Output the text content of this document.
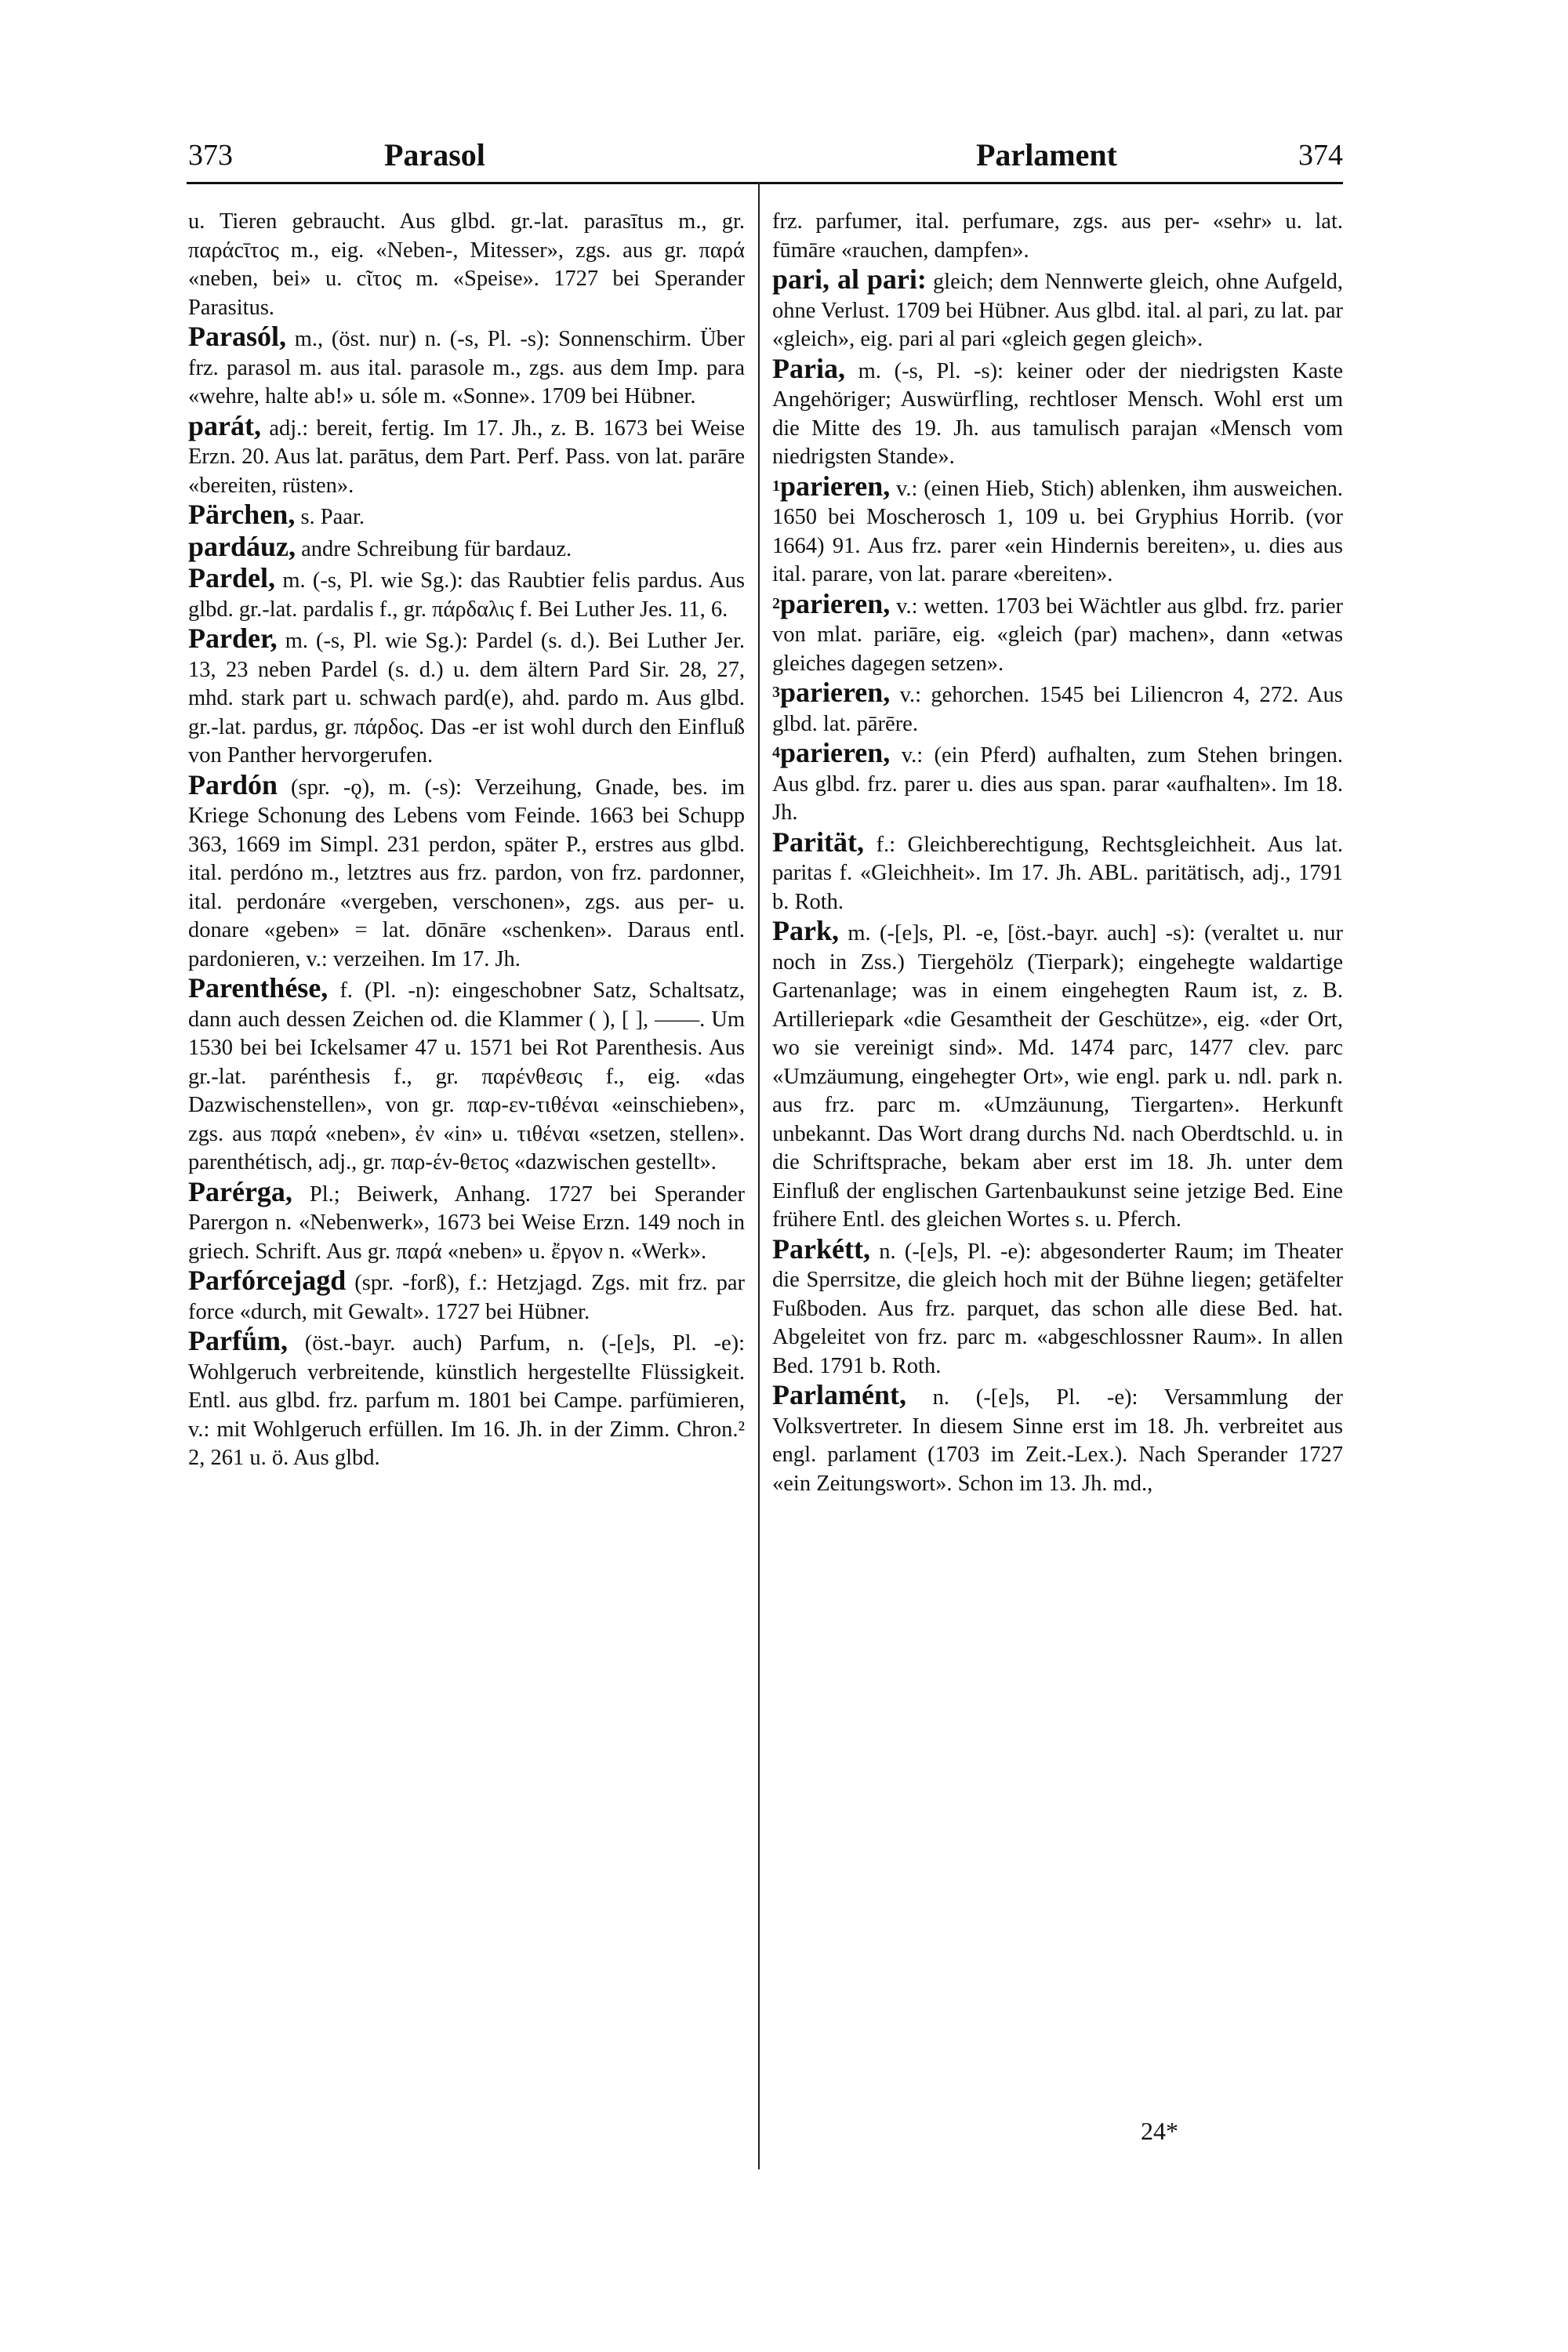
373	Parasol	Parlament	374

u. Tieren gebraucht. Aus glbd. gr.-lat. parasītus m., gr. παράcῑτος m., eig. «Neben-, Mitesser», zgs. aus gr. παρά «neben, bei» u. cῖτος m. «Speise». 1727 bei Sperander Parasitus.

Parasól, m., (öst. nur) n. (-s, Pl. -s): Sonnenschirm. Über frz. parasol m. aus ital. parasole m., zgs. aus dem Imp. para «wehre, halte ab!» u. sóle m. «Sonne». 1709 bei Hübner.

parát, adj.: bereit, fertig. Im 17. Jh., z. B. 1673 bei Weise Erzn. 20. Aus lat. parātus, dem Part. Perf. Pass. von lat. parāre «bereiten, rüsten».

Pärchen, s. Paar.

pardáuz, andre Schreibung für bardauz.

Pardel, m. (-s, Pl. wie Sg.): das Raubtier felis pardus. Aus glbd. gr.-lat. pardalis f., gr. πάρδαλις f. Bei Luther Jes. 11, 6.

Parder, m. (-s, Pl. wie Sg.): Pardel (s. d.). Bei Luther Jer. 13, 23 neben Pardel (s. d.) u. dem ältern Pard Sir. 28, 27, mhd. stark part u. schwach pard(e), ahd. pardo m. Aus glbd. gr.-lat. pardus, gr. πάρδος. Das -er ist wohl durch den Einfluß von Panther hervorgerufen.

Pardón (spr. -ǫ), m. (-s): Verzeihung, Gnade, bes. im Kriege Schonung des Lebens vom Feinde. 1663 bei Schupp 363, 1669 im Simpl. 231 perdon, später P., erstres aus glbd. ital. perdóno m., letztres aus frz. pardon, von frz. pardonner, ital. perdonáre «vergeben, verschonen», zgs. aus per- u. donare «geben» = lat. dōnāre «schenken». Daraus entl. pardonieren, v.: verzeihen. Im 17. Jh.

Parenthése, f. (Pl. -n): eingeschobner Satz, Schaltsatz, dann auch dessen Zeichen od. die Klammer ( ), [ ], ——. Um 1530 bei bei Ickelsamer 47 u. 1571 bei Rot Parenthesis. Aus gr.-lat. parénthesis f., gr. παρένθεσις f., eig. «das Dazwischenstellen», von gr. παρ-εν-τιθέναι «einschieben», zgs. aus παρά «neben», ἐν «in» u. τιθέναι «setzen, stellen». parenthétisch, adj., gr. παρ-έν-θετος «dazwischen gestellt».

Parérga, Pl.; Beiwerk, Anhang. 1727 bei Sperander Parergon n. «Nebenwerk», 1673 bei Weise Erzn. 149 noch in griech. Schrift. Aus gr. παρά «neben» u. ἔργον n. «Werk».

Parfórcejagd (spr. -forß), f.: Hetzjagd. Zgs. mit frz. par force «durch, mit Gewalt». 1727 bei Hübner.

Parfǘm, (öst.-bayr. auch) Parfum, n. (-[e]s, Pl. -e): Wohlgeruch verbreitende, künstlich hergestellte Flüssigkeit. Entl. aus glbd. frz. parfum m. 1801 bei Campe. parfümieren, v.: mit Wohlgeruch erfüllen. Im 16. Jh. in der Zimm. Chron.² 2, 261 u. ö. Aus glbd.

frz. parfumer, ital. perfumare, zgs. aus per- «sehr» u. lat. fūmāre «rauchen, dampfen».

pari, al pari: gleich; dem Nennwerte gleich, ohne Aufgeld, ohne Verlust. 1709 bei Hübner. Aus glbd. ital. al pari, zu lat. par «gleich», eig. pari al pari «gleich gegen gleich».

Paria, m. (-s, Pl. -s): keiner oder der niedrigsten Kaste Angehöriger; Auswürfling, rechtloser Mensch. Wohl erst um die Mitte des 19. Jh. aus tamulisch parajan «Mensch vom niedrigsten Stande».

$^1$parieren, v.: (einen Hieb, Stich) ablenken, ihm ausweichen. 1650 bei Moscherosch 1, 109 u. bei Gryphius Horrib. (vor 1664) 91. Aus frz. parer «ein Hindernis bereiten», u. dies aus ital. parare, von lat. parare «bereiten».

$^2$parieren, v.: wetten. 1703 bei Wächtler aus glbd. frz. parier von mlat. pariāre, eig. «gleich (par) machen», dann «etwas gleiches dagegen setzen».

$^3$parieren, v.: gehorchen. 1545 bei Liliencron 4, 272. Aus glbd. lat. pārēre.

$^4$parieren, v.: (ein Pferd) aufhalten, zum Stehen bringen. Aus glbd. frz. parer u. dies aus span. parar «aufhalten». Im 18. Jh.

Parität, f.: Gleichberechtigung, Rechtsgleichheit. Aus lat. paritas f. «Gleichheit». Im 17. Jh. ABL. paritätisch, adj., 1791 b. Roth.

Park, m. (-[e]s, Pl. -e, [öst.-bayr. auch] -s): (veraltet u. nur noch in Zss.) Tiergehölz (Tierpark); eingehegte waldartige Gartenanlage; was in einem eingehegten Raum ist, z. B. Artilleriepark «die Gesamtheit der Geschütze», eig. «der Ort, wo sie vereinigt sind». Md. 1474 parc, 1477 clev. parc «Umzäumung, eingehegter Ort», wie engl. park u. ndl. park n. aus frz. parc m. «Umzäunung, Tiergarten». Herkunft unbekannt. Das Wort drang durchs Nd. nach Oberdtschld. u. in die Schriftsprache, bekam aber erst im 18. Jh. unter dem Einfluß der englischen Gartenbaukunst seine jetzige Bed. Eine frühere Entl. des gleichen Wortes s. u. Pferch.

Parkétt, n. (-[e]s, Pl. -e): abgesonderter Raum; im Theater die Sperrsitze, die gleich hoch mit der Bühne liegen; getäfelter Fußboden. Aus frz. parquet, das schon alle diese Bed. hat. Abgeleitet von frz. parc m. «abgeschlossner Raum». In allen Bed. 1791 b. Roth.

Parlamént, n. (-[e]s, Pl. -e): Versammlung der Volksvertreter. In diesem Sinne erst im 18. Jh. verbreitet aus engl. parlament (1703 im Zeit.-Lex.). Nach Sperander 1727 «ein Zeitungswort». Schon im 13. Jh. md.,

24*
